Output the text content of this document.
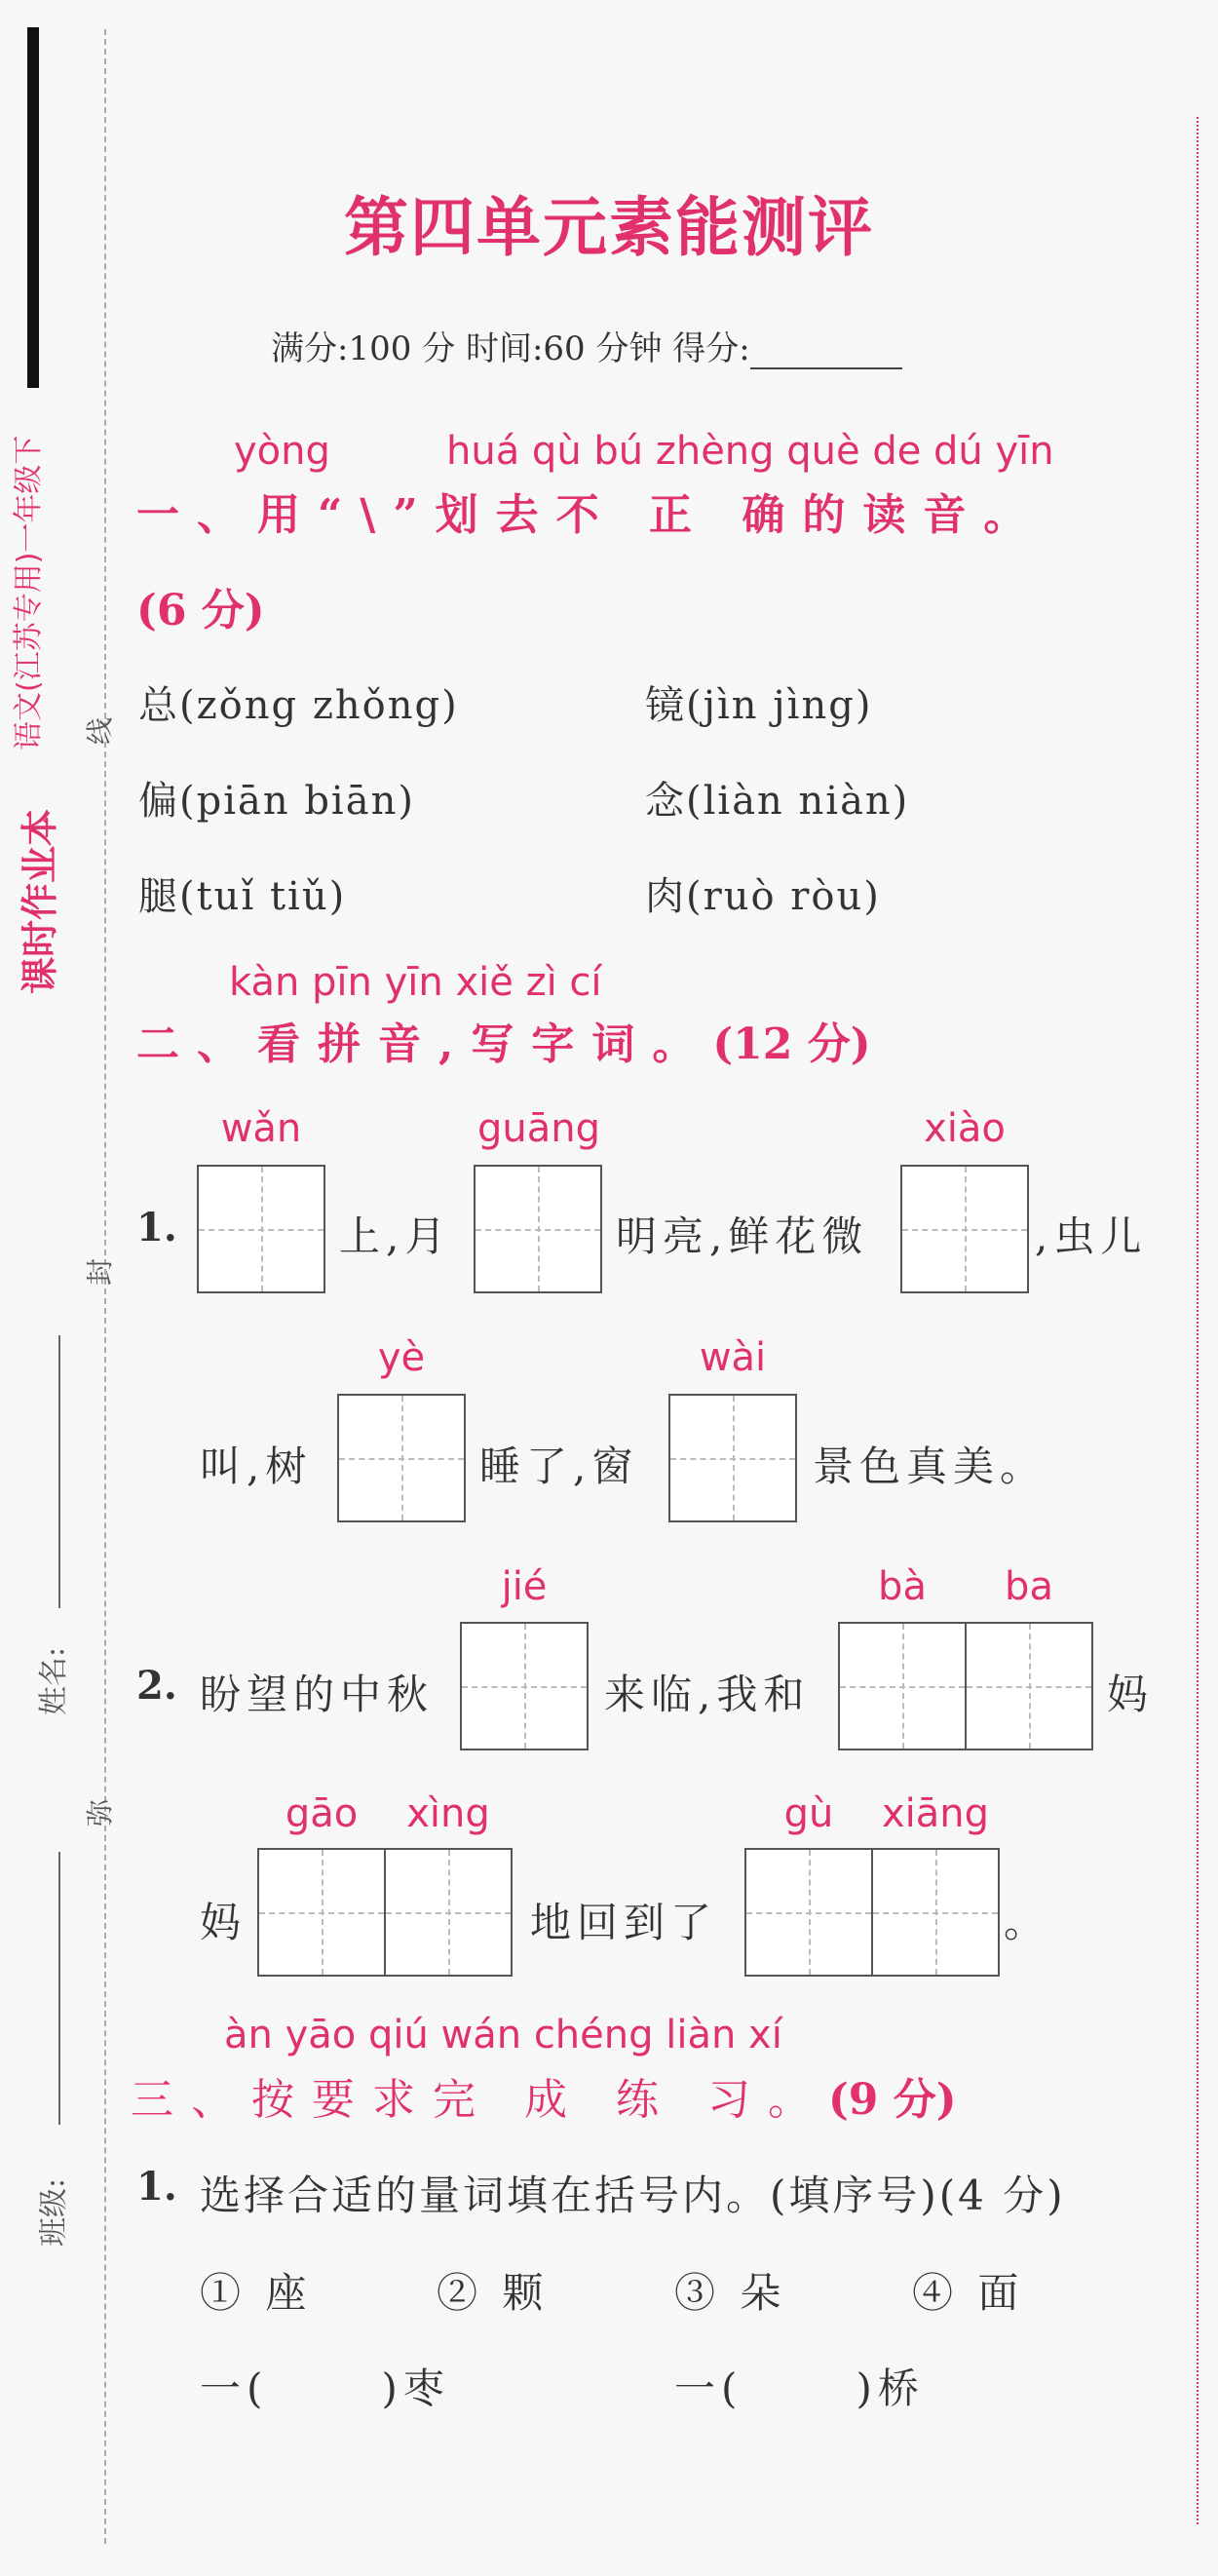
课时作业本
语文(江苏专用)一年级下 线
封
弥
姓名:
班级:
第四单元素能测评
满分:100 分 时间:60 分钟 得分:
yòng	huá qù bú zhèng què de dú yīn
一、用“\”划去不 正 确的读音。
(6 分)
总(zǒng zhǒng)	镜(jìn jìng)
偏(piān biān)	念(liàn niàn)
腿(tuǐ tiǔ)	肉(ruò ròu)
kàn pīn yīn xiě zì cí
二、看拼音,写字词。(12 分)
1.
wǎn
上,月
guāng
明亮,鲜花微
xiào
,虫儿
叫,树
yè
睡了,窗
wài
景色真美。
2. 盼望的中秋
jié
来临,我和
bà	ba
妈
妈
gāo	xìng
地回到了
gù	xiāng
。
àn yāo qiú wán chéng liàn xí
三、按要求完 成 练 习。(9 分)
1. 选择合适的量词填在括号内。(填序号)(4 分)
① 座	② 颗	③ 朵	④ 面
一(      )枣	一(      )桥
